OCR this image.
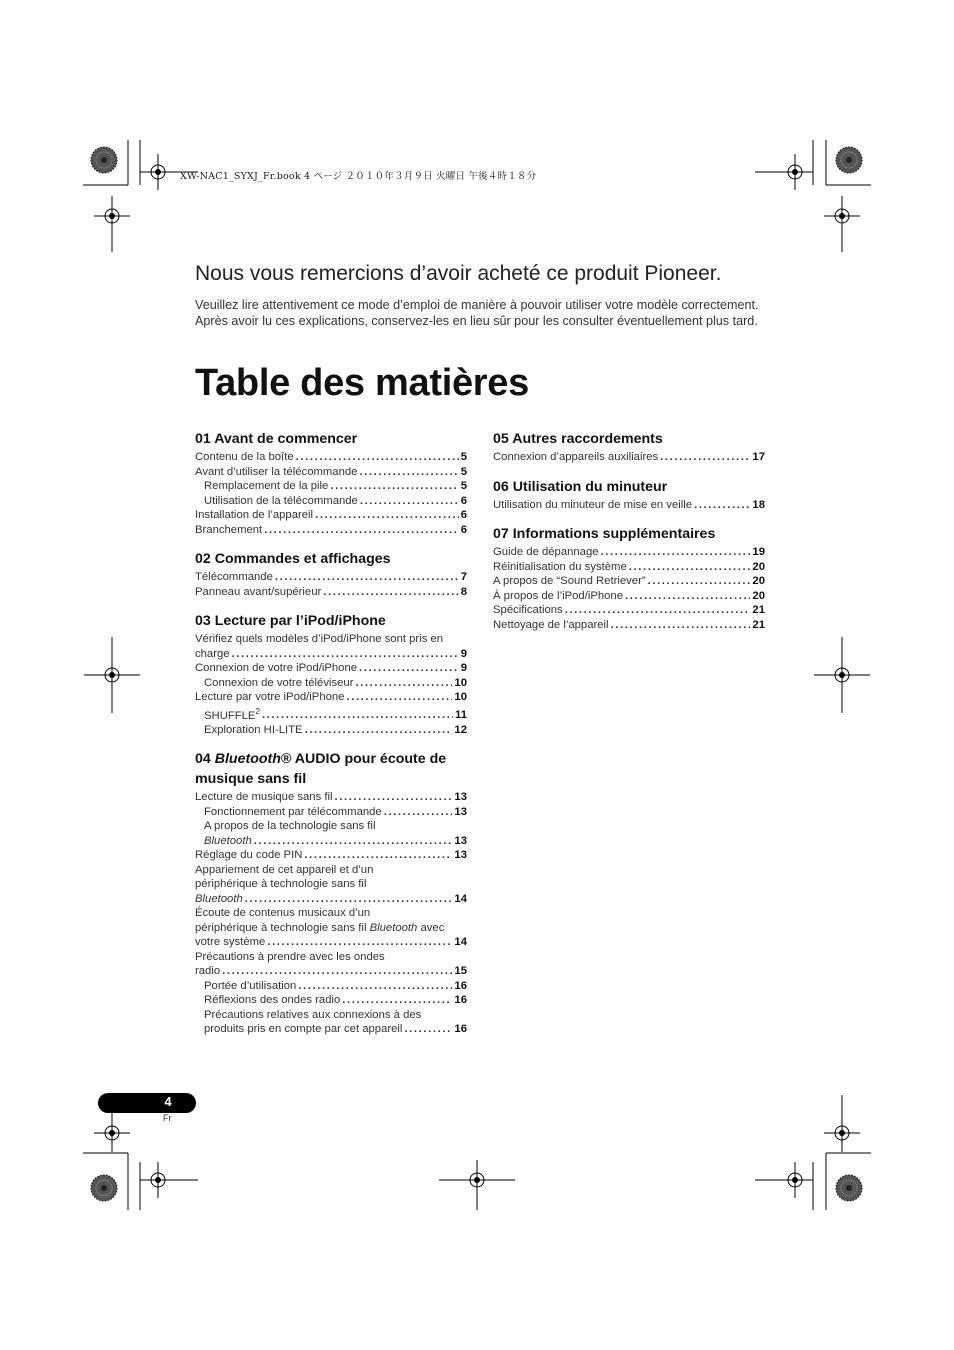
XW-NAC1_SYXJ_Fr.book 4 ページ ２０１０年３月９日 火曜日 午後４時１８分
Nous vous remercions d’avoir acheté ce produit Pioneer.
Veuillez lire attentivement ce mode d’emploi de manière à pouvoir utiliser votre modèle correctement. Après avoir lu ces explications, conservez-les en lieu sûr pour les consulter éventuellement plus tard.
Table des matières
01 Avant de commencer
Contenu de la boîte .....	5
Avant d’utiliser la télécommande .....	5
Remplacement de la pile .....	5
Utilisation de la télécommande .....	6
Installation de l’appareil .....	6
Branchement .....	6
02 Commandes et affichages
Télécommande .....	7
Panneau avant/supérieur .....	8
03 Lecture par l’iPod/iPhone
Vérifiez quels modèles d’iPod/iPhone sont pris en
charge .....	9
Connexion de votre iPod/iPhone .....	9
Connexion de votre téléviseur .....	10
Lecture par votre iPod/iPhone .....	10
SHUFFLE$^2$ .....	11
Exploration HI-LITE .....	12
04 Bluetooth® AUDIO pour écoute de musique sans fil
Lecture de musique sans fil .....	13
Fonctionnement par télécommande .....	13
A propos de la technologie sans fil
Bluetooth .....	13
Réglage du code PIN .....	13
Appariement de cet appareil et d’un
périphérique à technologie sans fil
Bluetooth .....	14
Écoute de contenus musicaux d’un
périphérique à technologie sans fil Bluetooth avec
votre système .....	14
Précautions à prendre avec les ondes
radio .....	15
Portée d’utilisation .....	16
Réflexions des ondes radio .....	16
Précautions relatives aux connexions à des
produits pris en compte par cet appareil .....	16
05 Autres raccordements
Connexion d’appareils auxiliaires .....	17
06 Utilisation du minuteur
Utilisation du minuteur de mise en veille .....	18
07 Informations supplémentaires
Guide de dépannage .....	19
Réinitialisation du système .....	20
A propos de “Sound Retriever” .....	20
À propos de l’iPod/iPhone .....	20
Spécifications .....	21
Nettoyage de l’appareil .....	21
4
Fr
